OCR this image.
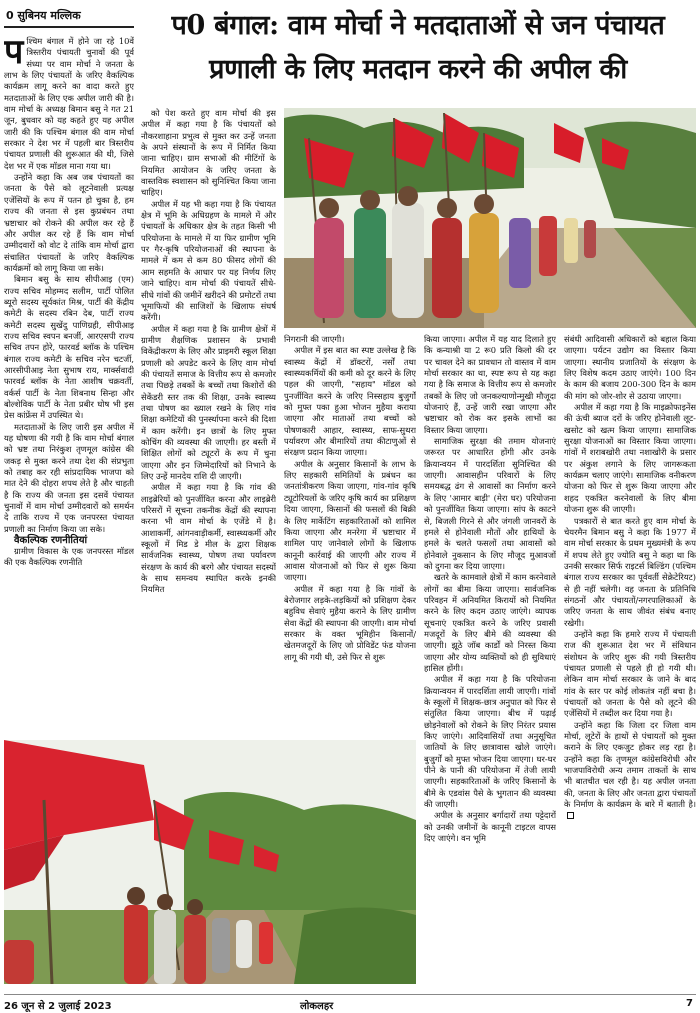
0 सुबिनय मल्लिक	प0 बंगाल: वाम मोर्चा ने मतदाताओं से जन पंचायत
प्रणाली के लिए मतदान करने की अपील की

पश्चिम बंगाल में होने जा रहे 10वें त्रिस्तरीय पंचायती चुनावों की पूर्व संध्या पर वाम मोर्चा ने जनता के लाभ के लिए पंचायतों के जरिए वैकल्पिक कार्यक्रम लागू करने का वादा करते हुए मतदाताओं के लिए एक अपील जारी की है। वाम मोर्चा के अध्यक्ष बिमान बसु ने गत 21 जून, बुधवार को यह कहते हुए यह अपील जारी की कि पश्चिम बंगाल की वाम मोर्चा सरकार ने देश भर में पहली बार त्रिस्तरीय पंचायत प्रणाली की शुरूआत की थी, जिसे देश भर में एक मॉडल माना गया था।

उन्होंने कहा कि अब जब पंचायतों का जनता के पैसे को लूटनेवाली प्रत्यक्ष एजेंसियों के रूप में पतन हो चुका है, हम राज्य की जनता से इस कुप्रबंधन तथा भ्रष्टाचार को रोकने की अपील कर रहे हैं और अपील कर रहे हैं कि वाम मोर्चा उम्मीदवारों को वोट दे तांकि वाम मोर्चा द्वारा संचालित पंचायतों के जरिए वैकल्पिक कार्यक्रमों को लागू किया जा सके।

बिमान बसु के साथ सीपीआइ (एम) राज्य सचिव मोहम्मद सलीम, पार्टी पोलित ब्यूरो सदस्य सूर्यकांत मिश्र, पार्टी की केंद्रीय कमेटी के सदस्य रबिन देब, पार्टी राज्य कमेटी सदस्य सुखेंदु पाणिग्रही, सीपीआइ राज्य सचिव स्वपन बनर्जी, आरएसपी राज्य सचिव तपन होरे, फारवर्ड ब्लॉक के पश्चिम बंगाल राज्य कमेटी के सचिव नरेन चटर्जी, आरसीपीआइ नेता सुभाष राय, मार्क्सवादी फारवर्ड ब्लॉक के नेता आशीष चक्रवर्ती, वर्कर्स पार्टी के नेता शिबनाथ सिन्हा और बोल्शेविक पार्टी के नेता प्रबीर घोष भी इस प्रेस कांफ्रेंस में उपस्थित थे।

मतदाताओं के लिए जारी इस अपील में यह घोषणा की गयी है कि वाम मोर्चा बंगाल को भ्रष्ट तथा निरंकुश तृणमूल कांग्रेस की जकड़ से मुक्त करने तथा देश की संप्रभुता को तबाह कर रही सांप्रदायिक भाजपा को मात देने की दोहरा शपथ लेते है और चाहती है कि राज्य की जनता इस दसवें पंचायत चुनावों में वाम मोर्चा उम्मीदवारों को समर्थन दे ताकि राज्य में एक जनपरस्त पंचायत प्रणाली का निर्माण किया जा सके।

वैकल्पिक रणनीतियां

ग्रामीण विकास के एक जनपरस्त मॉडल की एक वैकल्पिक रणनीति

को पेश करते हुए वाम मोर्चा की इस अपील में कहा गया है कि पंचायतों को नौकरशाहाना प्रभुत्व से मुक्त कर उन्हें जनता के अपने संस्थानों के रूप में निर्मित किया जाना चाहिए। ग्राम सभाओं की मीटिंगों के नियमित आयोजन के जरिए जनता के वास्तविक स्वशासन को सुनिश्चित किया जाना चाहिए।

अपील में यह भी कहा गया है कि पंचायत क्षेत्र में भूमि के अधिग्रहण के मामले में और पंचायतों के अधिकार क्षेत्र के तहत किसी भी परियोजना के मामले में या फिर ग्रामीण भूमि पर गैर-कृषि परियोजनाओं की स्थापना के मामले में कम से कम 80 फीसद लोगों की आम सहमति के आधार पर यह निर्णय लिए जाने चाहिए। वाम मोर्चा की पंचायतें सीधे-सीधे गांवों की जमीनें खरीदने की प्रमोटरों तथा भूमाफियों की साजिशों के खिलाफ संघर्ष करेंगी।

अपील में कहा गया है कि ग्रामीण क्षेत्रों में ग्रामीण शैक्षणिक प्रशासन के प्रभावी विकेंद्रीकरण के लिए और प्राइमरी स्कूल शिक्षा प्रणाली को अपडेट करने के लिए वाम मोर्चा की पंचायतें समाज के वित्तीय रूप से कमजोर तथा पिछड़े तबकों के बच्चों तथा किशोरों की सेकेंडरी स्तर तक की शिक्षा, उनके स्वास्थ्य तथा पोषण का ख्याल रखने के लिए गांव शिक्षा कमेटियों की पुनर्स्थापना करने की दिशा में काम करेंगी। इन छात्रों के लिए मुफ्त कोचिंग की व्यवस्था की जाएगी। हर बस्ती में शिक्षित लोगों को ट्यूटरों के रूप में चुना जाएगा और इन जिम्मेदारियों को निभाने के लिए उन्हें मानदेय राशि दी जाएगी।

अपील में कहा गया है कि गांव की लाइब्रेरियों को पुनर्जीवित करना और लाइब्रेरी परिसरों में सूचना तकनीक केंद्रों की स्थापना करना भी वाम मोर्चा के एजेंडे में है। आशाकर्मी, आंगनवाड़ीकर्मी, स्वास्थ्यकर्मी और स्कूलों में मिड डे मील के द्वारा शिक्षक सार्वजनिक स्वास्थ्य, पोषण तथा पर्यावरण संरक्षण के कार्य की बरगे और पंचायत सदस्यों के साथ समन्वय स्थापित करके इनकी नियमित

निगरानी की जाएगी।

अपील में इस बात का स्पष्ट उल्लेख है कि स्वास्थ्य केंद्रों में डॉक्टरों, नर्सों तथा स्वास्थ्यकर्मियों की कमी को दूर करने के लिए पहल की जाएगी, "सहाय" मॉडल को पुनर्जीवित करने के जरिए निस्सहाय बुजुर्गों को मुफ्त पका हुआ भोजन मुहैया कराया जाएगा और माताओं तथा बच्चों को पोषणकारी आहार, स्वास्थ्य, साफ-सुथरा पर्यावरण और बीमारियों तथा कीटाणुओं से संरक्षण प्रदान किया जाएगा।

अपील के अनुसार किसानों के लाभ के लिए सहकारी समितियों के प्रबंधन का जनतांत्रीकरण किया जाएगा, गांव-गांव कृषि ट्यूटोरियलों के जरिए कृषि कार्य का प्रशिक्षण दिया जाएगा, किसानों की फसलों की बिक्री के लिए मार्केटिंग सहकारिताओं को शामिल किया जाएगा और मनरेगा में भ्रष्टाचार में शामिल पाए जानेवाले लोगों के खिलाफ कानूनी कार्रवाई की जाएगी और राज्य में आवास योजनाओं को फिर से शुरू किया जाएगा।

अपील में कहा गया है कि गांवों के बेरोजगार लड़के-लड़कियों को प्रशिक्षण देकर बहुविध सेवाएं मुहैया कराने के लिए ग्रामीण सेवा केंद्रों की स्थापना की जाएगी। वाम मोर्चा सरकार के वक्त भूमिहीन किसानों/खेतमजदूरों के लिए जो प्रोविडेंट फंड योजना लागू की गयी थी, उसे फिर से शुरू

किया जाएगा। अपील में यह याद दिलाते हुए कि कन्याश्री या 2 रू0 प्रति किलो की दर पर चावल देने का प्रावधान तो वास्तव में वाम मोर्चा सरकार का था, स्पष्ट रूप से यह कहा गया है कि समाज के वित्तीय रूप से कमजोर तबकों के लिए जो जनकल्याणोन्मुखी मौजूदा योजनाएं हैं, उन्हें जारी रखा जाएगा और भ्रष्टाचार को रोक कर इसके लाभों का विस्तार किया जाएगा।

सामाजिक सुरक्षा की तमाम योजनाएं जरूरत पर आधारित होंगी और उनके क्रियान्वयन में पारदर्शिता सुनिश्चित की जाएगी। आवासहीन परिवारों के लिए समयबद्ध ढंग से आवासों का निर्माण करने के लिए 'आमार बाड़ी' (मेरा घर) परियोजना को पुनर्जीवित किया जाएगा। सांप के काटने से, बिजली गिरने से और जंगली जानवरों के हमले से होनेवाली मौतों और हाथियों के हमले के चलते फसलों तथा आवासों को होनेवाले नुकसान के लिए मौजूद मुआवजों को दुगना कर दिया जाएगा।

खतरे के कामवाले क्षेत्रों में काम करनेवाले लोगों का बीमा किया जाएगा। सार्वजनिक परिवहन में अनियमित किरायों को नियमित करने के लिए कदम उठाए जाएंगे। व्यापक सूचनाएं एकत्रित करने के जरिए प्रवासी मजदूरों के लिए बीमे की व्यवस्था की जाएगी। झूठे जॉब कार्डों को निरस्त किया जाएगा और योग्य व्यक्तियों को ही सुविधाएं हासिल होंगी।

अपील में कहा गया है कि परियोजना क्रियान्वयन में पारदर्शिता लायी जाएगी। गांवों के स्कूलों में शिक्षक-छात्र अनुपात को फिर से संतुलित किया जाएगा। बीच में पढ़ाई छोड़नेवालों को रोकने के लिए निरंतर प्रयास किए जाएंगे। आदिवासियों तथा अनुसूचित जातियों के लिए छात्रावास खोले जाएंगे। बुजुर्गों को मुफ्त भोजन दिया जाएगा। घर-घर पीने के पानी की परियोजना में तेजी लायी जाएगी। सहकारिताओं के जरिए किसानों के बीमे के एडवांस पैसे के भुगतान की व्यवस्था की जाएगी।

अपील के अनुसार बर्गादारों तथा पट्टेदारों को उनकी जमीनों के कानूनी टाइटल वापस दिए जाएंगे। वन भूमि

संबंधी आदिवासी अधिकारों को बहाल किया जाएगा। पर्यटन उद्योग का विस्तार किया जाएगा। स्थानीय प्रजातियों के संरक्षण के लिए विशेष कदम उठाए जाएंगे। 100 दिन के काम की बजाय 200-300 दिन के काम की मांग को जोर-शोर से उठाया जाएगा।

अपील में कहा गया है कि माइक्रोफाइनेंस की ऊंची ब्याज दरों के जरिए होनेवाली लूट-खसोट को खत्म किया जाएगा। सामाजिक सुरक्षा योजनाओं का विस्तार किया जाएगा। गांवों में शराबखोरी तथा नशाखोरी के प्रसार पर अंकुश लगाने के लिए जागरूकता कार्यक्रम चलाए जाएंगे। सामाजिक वनीकरण योजना को फिर से शुरू किया जाएगा और शहद एकत्रित करनेवालों के लिए बीमा योजना शुरू की जाएगी।

पत्रकारों से बात करते हुए वाम मोर्चा के चेयरमैन बिमान बसु ने कहा कि 1977 में वाम मोर्चा सरकार के प्रथम मुख्यमंत्री के रूप में शपथ लेते हुए ज्योति बसु ने कहा था कि उनकी सरकार सिर्फ राइटर्स बिल्डिंग (पश्चिम बंगाल राज्य सरकार का पूर्ववर्ती सेक्रेटेरियट) से ही नहीं चलेगी। वह जनता के प्रतिनिधि संगठनों और पंचायतों/नगरपालिकाओं के जरिए जनता के साथ जीवंत संबंध बनाए रखेगी।

उन्होंने कहा कि हमारे राज्य में पंचायती राज की शुरूआत देश भर में संविधान संशोधन के जरिए शुरू की गयी त्रिस्तरीय पंचायत प्रणाली से पहले ही हो गयी थी। लेकिन वाम मोर्चा सरकार के जाने के बाद गांव के स्तर पर कोई लोकतंत्र नहीं बचा है। पंचायतों को जनता के पैसे को लूटने की एजेंसियों में तब्दील कर दिया गया है।

उन्होंने कहा कि जिला दर जिला वाम मोर्चा, लूटेरों के हाथों से पंचायतों को मुक्त कराने के लिए एकजुट होकर लड़ रहा है। उन्होंने कहा कि तृणमूल कांग्रेसविरोधी और भाजपाविरोधी अन्य तमाम ताकतों के साथ भी बातचीत चल रही है। यह अपील जनता की, जनता के लिए और जनता द्वारा पंचायतों के निर्माण के कार्यक्रम के बारे में बताती है।

26 जून से 2 जुलाई 2023	लोकलहर	7
